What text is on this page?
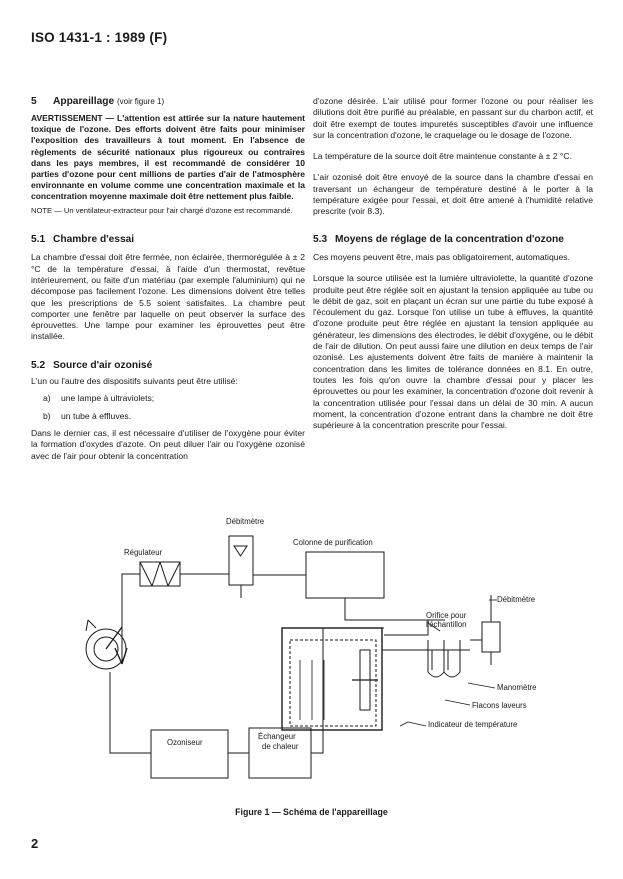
ISO 1431-1 : 1989 (F)
5 Appareillage (voir figure 1)

AVERTISSEMENT — L'attention est attirée sur la nature hautement toxique de l'ozone. Des efforts doivent être faits pour minimiser l'exposition des travailleurs à tout moment. En l'absence de règlements de sécurité nationaux plus rigoureux ou contraires dans les pays membres, il est recommandé de considérer 10 parties d'ozone pour cent millions de parties d'air de l'atmosphère environnante en volume comme une concentration maximale et la concentration moyenne maximale doit être nettement plus faible.

NOTE — Un ventilateur-extracteur pour l'air chargé d'ozone est recommandé.

5.1 Chambre d'essai

La chambre d'essai doit être fermée, non éclairée, thermorégulée à ± 2 °C de la température d'essai, à l'aide d'un thermostat, revêtue intérieurement, ou faite d'un matériau (par exemple l'aluminium) qui ne décompose pas facilement l'ozone. Les dimensions doivent être telles que les prescriptions de 5.5 soient satisfaites. La chambre peut comporter une fenêtre par laquelle on peut observer la surface des éprouvettes. Une lampe pour examiner les éprouvettes peut être installée.

5.2 Source d'air ozonisé

L'un ou l'autre des dispositifs suivants peut être utilisé:

a)	une lampe à ultraviolets;
b)	un tube à effluves.

Dans le dernier cas, il est nécessaire d'utiliser de l'oxygène pour éviter la formation d'oxydes d'azote. On peut diluer l'air ou l'oxygène ozonisé avec de l'air pour obtenir la concentration

d'ozone désirée. L'air utilisé pour former l'ozone ou pour réaliser les dilutions doit être purifié au préalable, en passant sur du charbon actif, et doit être exempt de toutes impuretés susceptibles d'avoir une influence sur la concentration d'ozone, le craquelage ou le dosage de l'ozone.

La température de la source doit être maintenue constante à ± 2 °C.

L'air ozonisé doit être envoyé de la source dans la chambre d'essai en traversant un échangeur de température destiné à le porter à la température exigée pour l'essai, et doit être amené à l'humidité relative prescrite (voir 8.3).

5.3 Moyens de réglage de la concentration d'ozone

Ces moyens peuvent être, mais pas obligatoirement, automatiques.

Lorsque la source utilisée est la lumière ultraviolette, la quantité d'ozone produite peut être réglée soit en ajustant la tension appliquée au tube ou le débit de gaz, soit en plaçant un écran sur une partie du tube exposé à l'écoulement du gaz. Lorsque l'on utilise un tube à effluves, la quantité d'ozone produite peut être réglée en ajustant la tension appliquée au générateur, les dimensions des électrodes, le débit d'oxygène, ou le débit de l'air de dilution. On peut aussi faire une dilution en deux temps de l'air ozonisé. Les ajustements doivent être faits de manière à maintenir la concentration dans les limites de tolérance données en 8.1. En outre, toutes les fois qu'on ouvre la chambre d'essai pour y placer les éprouvettes ou pour les examiner, la concentration d'ozone doit revenir à la concentration utilisée pour l'essai dans un délai de 30 min. A aucun moment, la concentration d'ozone entrant dans la chambre ne doit être supérieure à la concentration prescrite pour l'essai.

Débitmètre
Régulateur
Colonne de purification
Débitmètre
Orifice pour
l'échantillon
Manomètre
Flacons laveurs
Indicateur de température
Ozoniseur
Échangeur
de chaleur
Figure 1 — Schéma de l'appareillage
2
